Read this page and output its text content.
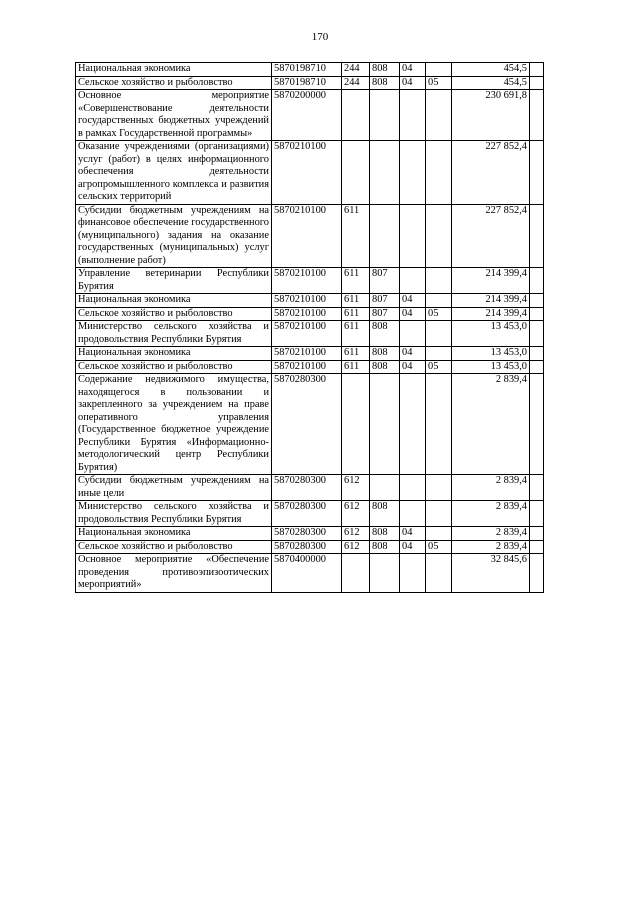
170
Национальная экономика	5870198710	244	808	04		454,5	
Сельское хозяйство и рыболовство	5870198710	244	808	04	05	454,5	
Основное мероприятие «Совершенствование деятельности государственных бюджетных учреждений в рамках Государственной программы»	5870200000					230 691,8	
Оказание учреждениями (организациями) услуг (работ) в целях информационного обеспечения деятельности агропромышленного комплекса и развития сельских территорий	5870210100					227 852,4	
Субсидии бюджетным учреждениям на финансовое обеспечение государственного (муниципального) задания на оказание государственных (муниципальных) услуг (выполнение работ)	5870210100	611				227 852,4	
Управление ветеринарии Республики Бурятия	5870210100	611	807			214 399,4	
Национальная экономика	5870210100	611	807	04		214 399,4	
Сельское хозяйство и рыболовство	5870210100	611	807	04	05	214 399,4	
Министерство сельского хозяйства и продовольствия Республики Бурятия	5870210100	611	808			13 453,0	
Национальная экономика	5870210100	611	808	04		13 453,0	
Сельское хозяйство и рыболовство	5870210100	611	808	04	05	13 453,0	
Содержание недвижимого имущества, находящегося в пользовании и закрепленного за учреждением на праве оперативного управления (Государственное бюджетное учреждение Республики Бурятия «Информационно-методологический центр Республики Бурятия)	5870280300					2 839,4	
Субсидии бюджетным учреждениям на иные цели	5870280300	612				2 839,4	
Министерство сельского хозяйства и продовольствия Республики Бурятия	5870280300	612	808			2 839,4	
Национальная экономика	5870280300	612	808	04		2 839,4	
Сельское хозяйство и рыболовство	5870280300	612	808	04	05	2 839,4	
Основное мероприятие «Обеспечение проведения противоэпизоотических мероприятий»	5870400000					32 845,6	
